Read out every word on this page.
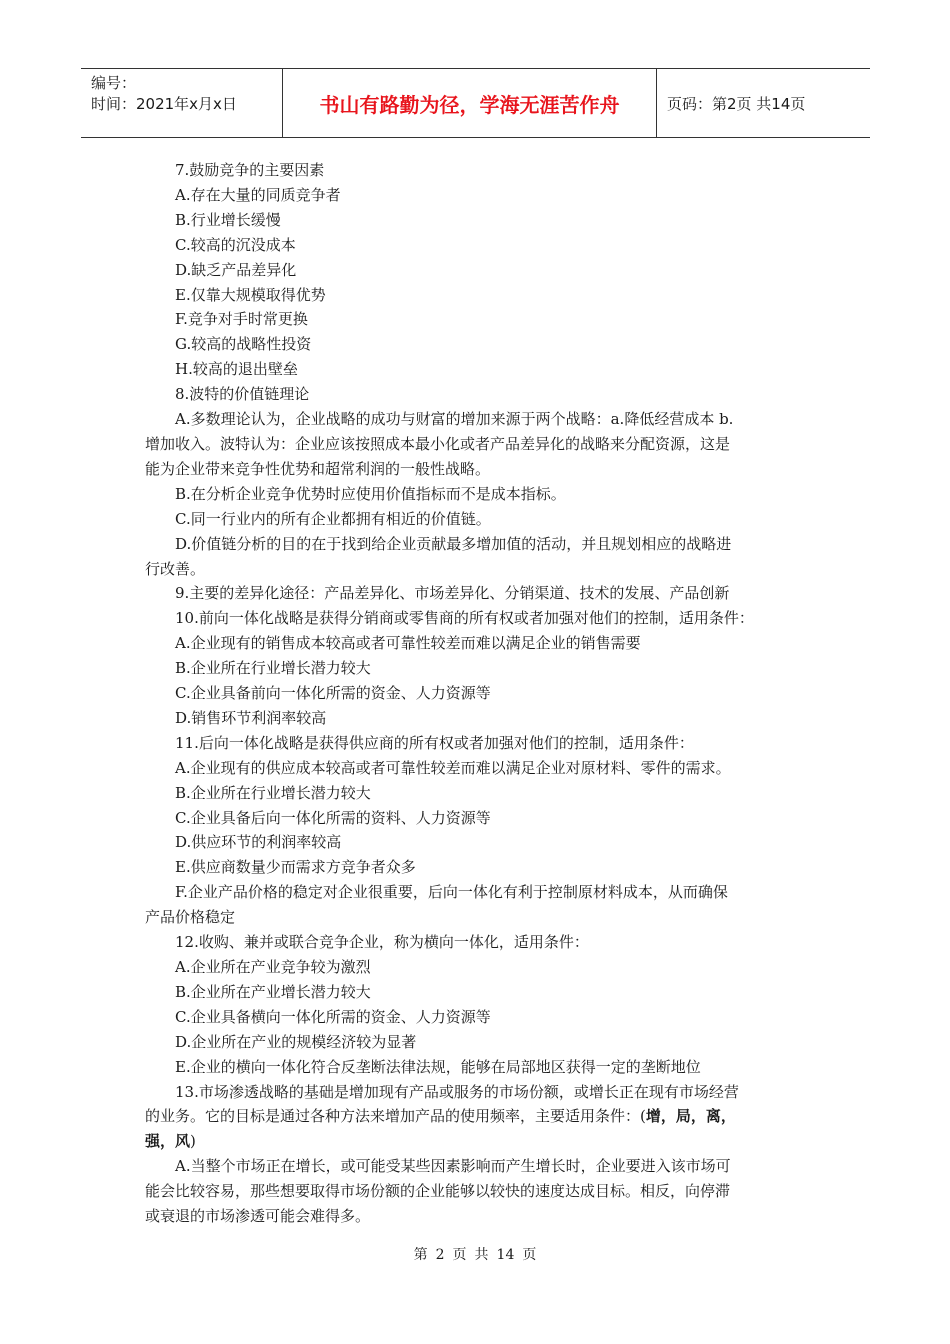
编号：
时间：2021年x月x日	书山有路勤为径，学海无涯苦作舟	页码：第2页 共14页
7.鼓励竞争的主要因素
A.存在大量的同质竞争者
B.行业增长缓慢
C.较高的沉没成本
D.缺乏产品差异化
E.仅靠大规模取得优势
F.竞争对手时常更换
G.较高的战略性投资
H.较高的退出壁垒
8.波特的价值链理论
A.多数理论认为，企业战略的成功与财富的增加来源于两个战略：a.降低经营成本 b.
增加收入。波特认为：企业应该按照成本最小化或者产品差异化的战略来分配资源，这是
能为企业带来竞争性优势和超常利润的一般性战略。
B.在分析企业竞争优势时应使用价值指标而不是成本指标。
C.同一行业内的所有企业都拥有相近的价值链。
D.价值链分析的目的在于找到给企业贡献最多增加值的活动，并且规划相应的战略进
行改善。
9.主要的差异化途径：产品差异化、市场差异化、分销渠道、技术的发展、产品创新
10.前向一体化战略是获得分销商或零售商的所有权或者加强对他们的控制，适用条件：
A.企业现有的销售成本较高或者可靠性较差而难以满足企业的销售需要
B.企业所在行业增长潜力较大
C.企业具备前向一体化所需的资金、人力资源等
D.销售环节利润率较高
11.后向一体化战略是获得供应商的所有权或者加强对他们的控制，适用条件：
A.企业现有的供应成本较高或者可靠性较差而难以满足企业对原材料、零件的需求。
B.企业所在行业增长潜力较大
C.企业具备后向一体化所需的资料、人力资源等
D.供应环节的利润率较高
E.供应商数量少而需求方竞争者众多
F.企业产品价格的稳定对企业很重要，后向一体化有利于控制原材料成本，从而确保
产品价格稳定
12.收购、兼并或联合竞争企业，称为横向一体化，适用条件：
A.企业所在产业竞争较为激烈
B.企业所在产业增长潜力较大
C.企业具备横向一体化所需的资金、人力资源等
D.企业所在产业的规模经济较为显著
E.企业的横向一体化符合反垄断法律法规，能够在局部地区获得一定的垄断地位
13.市场渗透战略的基础是增加现有产品或服务的市场份额，或增长正在现有市场经营
的业务。它的目标是通过各种方法来增加产品的使用频率，主要适用条件：(增，局，离，
强，风)
A.当整个市场正在增长，或可能受某些因素影响而产生增长时，企业要进入该市场可
能会比较容易，那些想要取得市场份额的企业能够以较快的速度达成目标。相反，向停滞
或衰退的市场渗透可能会难得多。
第 2 页 共 14 页
